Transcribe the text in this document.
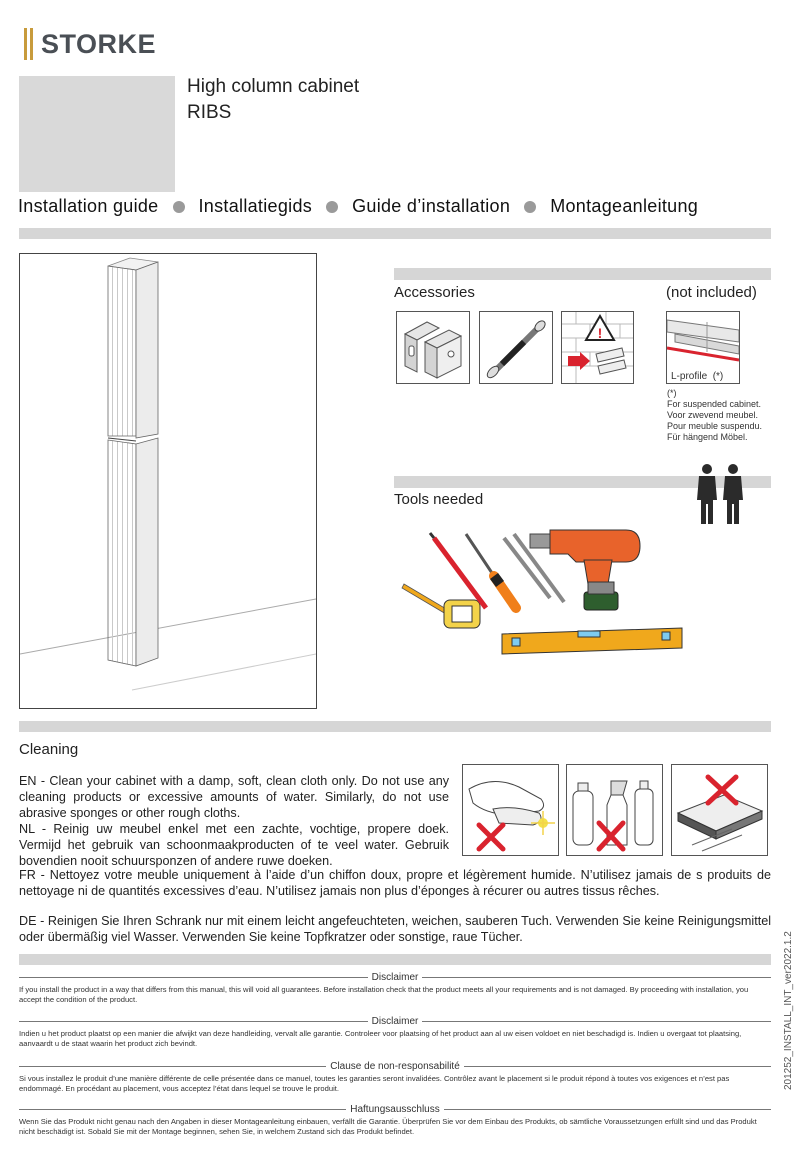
STORKE
High column cabinet
RIBS
Installation guide Installatiegids Guide d’installation Montageanleitung
Accessories	(not included)
!
L-profile (*)
(*)
For suspended cabinet.
Voor zwevend meubel.
Pour meuble suspendu.
Für hängend Möbel.
Tools needed
Cleaning
EN - Clean your cabinet with a damp, soft, clean cloth only. Do not use any cleaning products or excessive amounts of water. Similarly, do not use abrasive sponges or other rough cloths.
NL - Reinig uw meubel enkel met een zachte, vochtige, propere doek. Vermijd het gebruik van schoonmaakproducten of te veel water. Gebruik bovendien nooit schuursponzen of andere ruwe doeken.
FR - Nettoyez votre meuble uniquement à l’aide d’un chiffon doux, propre et légèrement humide. N’utilisez jamais de s produits de nettoyage ni de quantités excessives d’eau. N’utilisez jamais non plus d’éponges à récurer ou autres tissus rêches.
DE - Reinigen Sie Ihren Schrank nur mit einem leicht angefeuchteten, weichen, sauberen Tuch. Verwenden Sie keine Reinigungsmittel oder übermäßig viel Wasser. Verwenden Sie keine Topfkratzer oder sonstige, raue Tücher.
Disclaimer
If you install the product in a way that differs from this manual, this will void all guarantees. Before installation check that the product meets all your requirements and is not damaged. By proceeding with installation, you accept the condition of the product.
Disclaimer
Indien u het product plaatst op een manier die afwijkt van deze handleiding, vervalt alle garantie. Controleer voor plaatsing of het product aan al uw eisen voldoet en niet beschadigd is. Indien u overgaat tot plaatsing, aanvaardt u de staat waarin het product zich bevindt.
Clause de non-responsabilité
Si vous installez le produit d’une manière différente de celle présentée dans ce manuel, toutes les garanties seront invalidées. Contrôlez avant le placement si le produit répond à toutes vos exigences et n’est pas endommagé. En procédant au placement, vous acceptez l’état dans lequel se trouve le produit.
Haftungsausschluss
Wenn Sie das Produkt nicht genau nach den Angaben in dieser Montageanleitung einbauen, verfällt die Garantie. Überprüfen Sie vor dem Einbau des Produkts, ob sämtliche Voraussetzungen erfüllt sind und das Produkt nicht beschädigt ist. Sobald Sie mit der Montage beginnen, sehen Sie, in welchem Zustand sich das Produkt befindet.
201252_INSTALL_INT_ver2022.1.2
